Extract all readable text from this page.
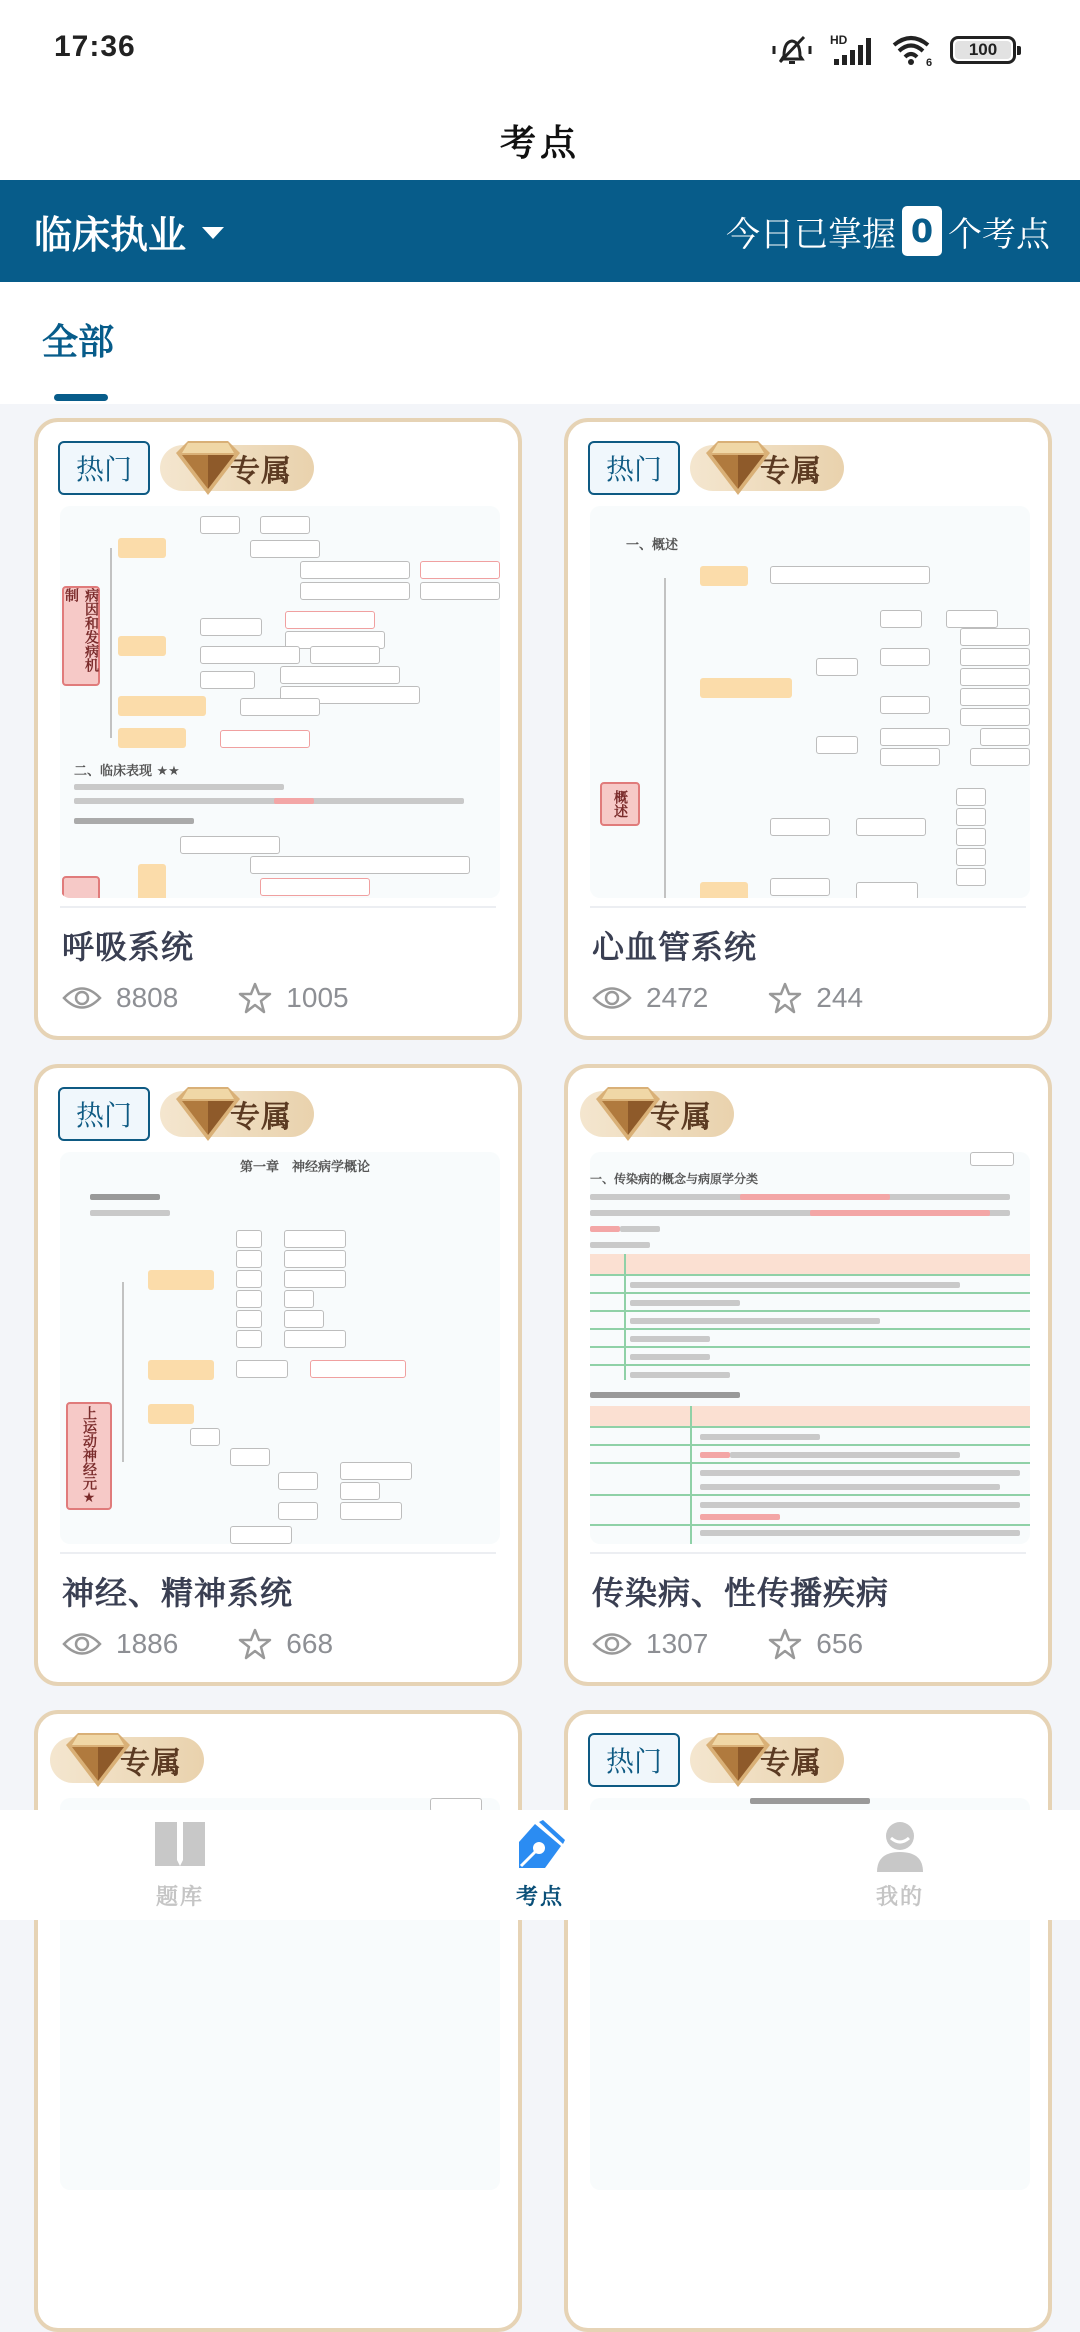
17:36	HD
6
100
考点
临床执业	今日已掌握 0 个考点
全部
热门	专属
病因和发病机制
二、临床表现 ★★
呼吸系统
8808	1005
热门	专属
一、概述
概述
心血管系统
2472	244
热门	专属
第一章　神经病学概论
上运动神经元★
神经、精神系统
1886	668
专属
一、传染病的概念与病原学分类
传染病、性传播疾病
1307	656
专属	热门	专属
题库	考点	我的
